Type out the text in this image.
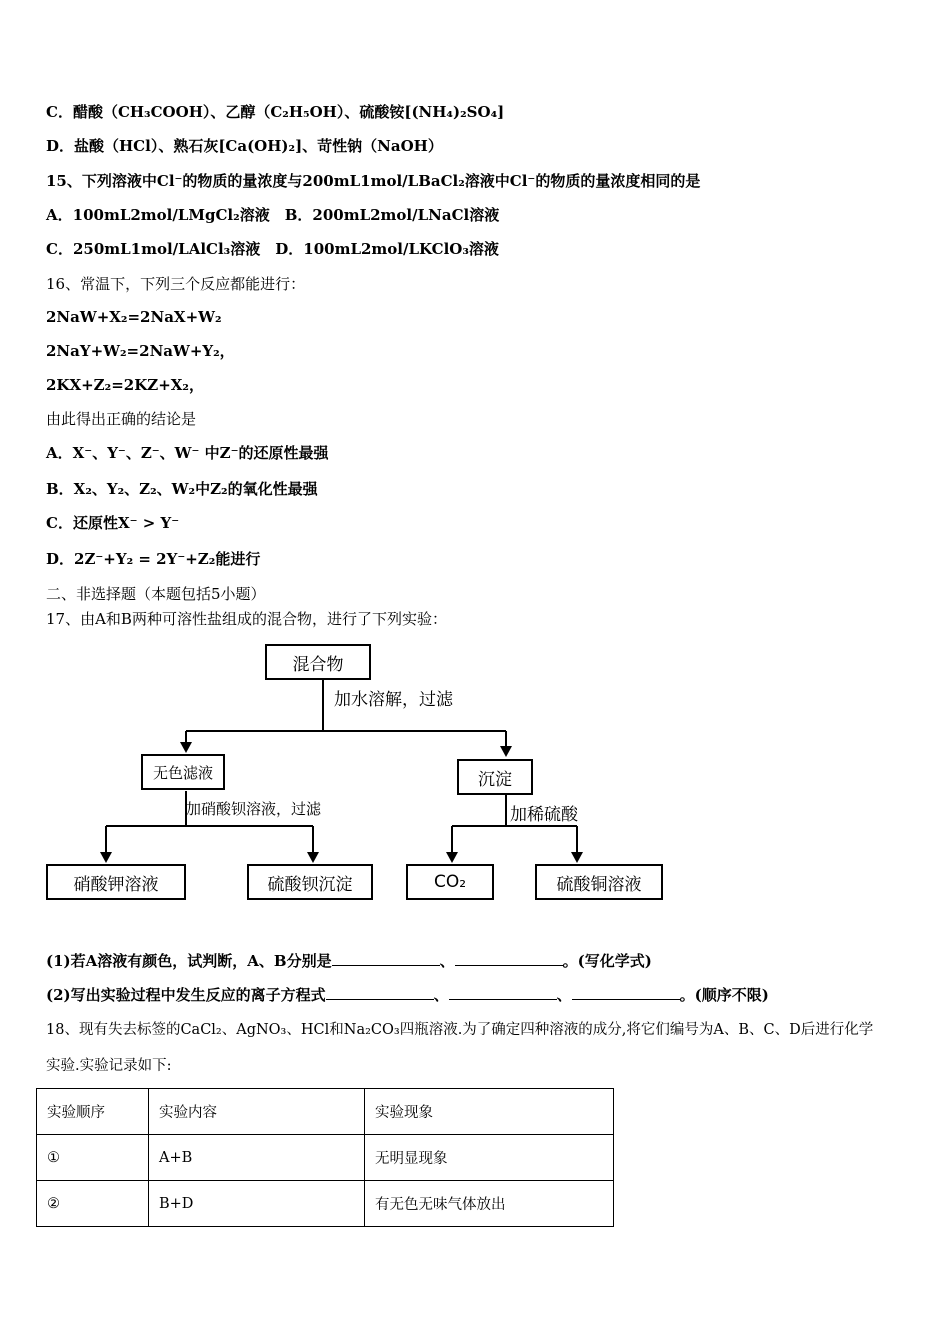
C．醋酸（CH₃COOH）、乙醇（C₂H₅OH）、硫酸铵[(NH₄)₂SO₄]
D．盐酸（HCl）、熟石灰[Ca(OH)₂]、苛性钠（NaOH）
15、下列溶液中Cl⁻的物质的量浓度与200mL1mol/LBaCl₂溶液中Cl⁻的物质的量浓度相同的是
A．100mL2mol/LMgCl₂溶液　B．200mL2mol/LNaCl溶液
C．250mL1mol/LAlCl₃溶液　D．100mL2mol/LKClO₃溶液
16、常温下，下列三个反应都能进行：
2NaW+X₂=2NaX+W₂
2NaY+W₂=2NaW+Y₂，
2KX+Z₂=2KZ+X₂，
由此得出正确的结论是
A．X⁻、Y⁻、Z⁻、W⁻ 中Z⁻的还原性最强
B．X₂、Y₂、Z₂、W₂中Z₂的氧化性最强
C．还原性X⁻ > Y⁻
D．2Z⁻+Y₂ = 2Y⁻+Z₂能进行
二、非选择题（本题包括5小题）
17、由A和B两种可溶性盐组成的混合物，进行了下列实验：
混合物
加水溶解，过滤
无色滤液	沉淀
加硝酸钡溶液，过滤	加稀硫酸
硝酸钾溶液	硫酸钡沉淀	CO₂	硫酸铜溶液
(1)若A溶液有颜色，试判断，A、B分别是	、	。(写化学式)
(2)写出实验过程中发生反应的离子方程式	、	、	。(顺序不限)
18、现有失去标签的CaCl₂、AgNO₃、HCl和Na₂CO₃四瓶溶液.为了确定四种溶液的成分,将它们编号为A、B、C、D后进行化学
实验.实验记录如下:
实验顺序	实验内容	实验现象
①	A+B	无明显现象
②	B+D	有无色无味气体放出
